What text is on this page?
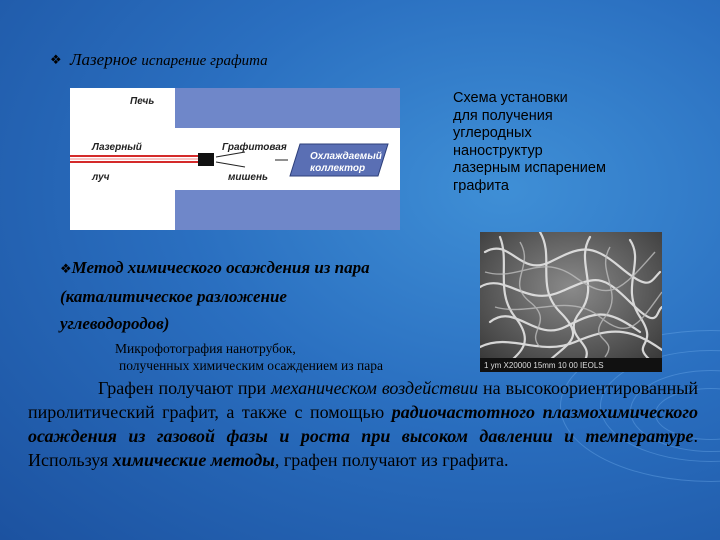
❖ Лазерное испарение графита
Печь
Лазерный
луч
Графитовая
мишень
Охлаждаемый
коллектор
Схема установки
для получения
углеродных
наноструктур
лазерным испарением
графита
❖Метод химического осаждения из пара
(каталитическое разложение
углеводородов)
1 ym X20000 15mm 10 00 IEOLS
Микрофотография нанотрубок,
полученных химическим осаждением из пара
Графен получают при механическом воздействии на высокоориентированный пиролитический графит, а также с помощью радиочастотного плазмохимического осаждения из газовой фазы и роста при высоком давлении и температуре. Используя химические методы, графен получают из графита.
